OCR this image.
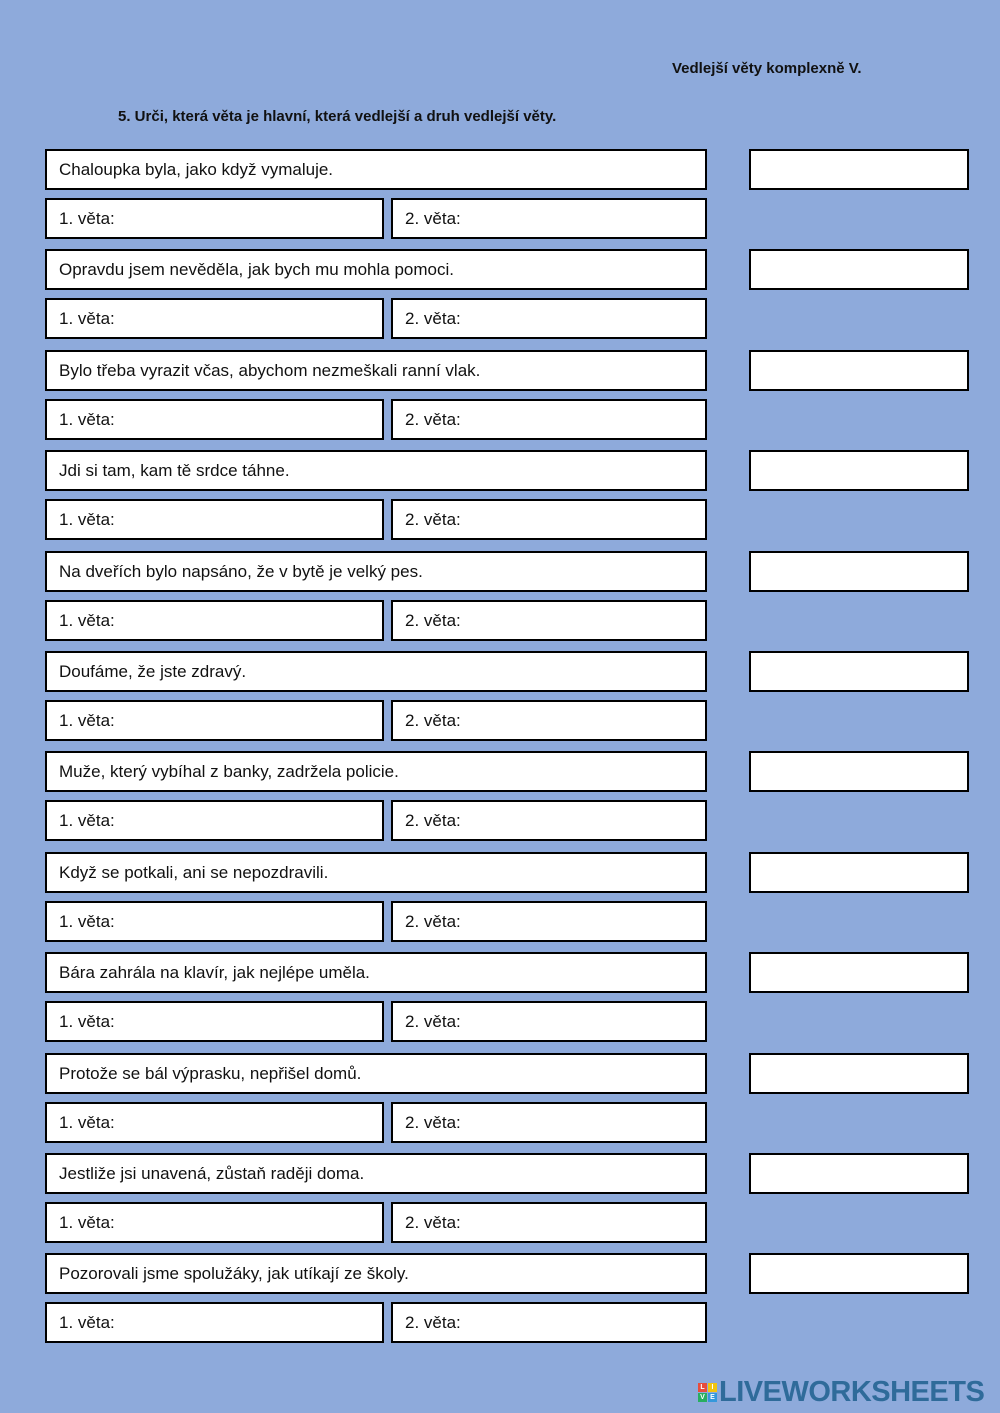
Vedlejší věty komplexně V.
5. Urči, která věta je hlavní, která vedlejší a druh vedlejší věty.
Chaloupka byla, jako když vymaluje.
1. věta:	2. věta:
Opravdu jsem nevěděla, jak bych mu mohla pomoci.
1. věta:	2. věta:
Bylo třeba vyrazit včas, abychom nezmeškali ranní vlak.
1. věta:	2. věta:
Jdi si tam, kam tě srdce táhne.
1. věta:	2. věta:
Na dveřích bylo napsáno, že v bytě je velký pes.
1. věta:	2. věta:
Doufáme, že jste zdravý.
1. věta:	2. věta:
Muže, který vybíhal z banky, zadržela policie.
1. věta:	2. věta:
Když se potkali, ani se nepozdravili.
1. věta:	2. věta:
Bára zahrála na klavír, jak nejlépe uměla.
1. věta:	2. věta:
Protože se bál výprasku, nepřišel domů.
1. věta:	2. věta:
Jestliže jsi unavená, zůstaň raději doma.
1. věta:	2. věta:
Pozorovali jsme spolužáky, jak utíkají ze školy.
1. věta:	2. věta:
L I
V E LIVEWORKSHEETS
